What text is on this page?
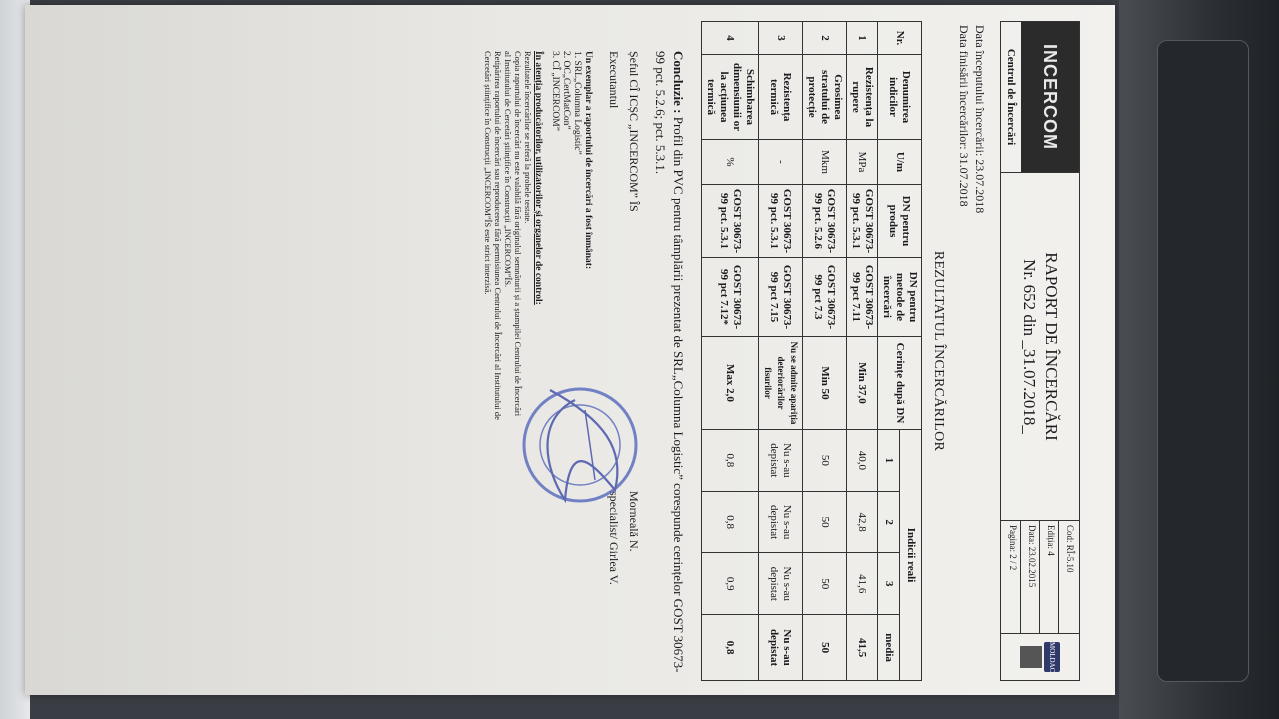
INCERCOM
Centrul de Încercări

RAPORT DE ÎNCERCĂRI
Nr. 652 din _31.07.2018_

Cod: RÎ-5.10
Ediția: 4
Data: 23.02.2015
Pagina: 2 / 2

MOLDAC
Data începutului încercării: 23.07.2018
Data finisării încercărilor: 31.07.2018
REZULTATUL ÎNCERCĂRILOR
Nr.	Denumirea indicilor	U/m	DN pentru produs	DN pentru metode de încercări	Cerințe după DN	Indicii reali			
						1	2	3	media
1	Rezistența la rupere	MPa	GOST 30673-99 pct. 5.3.1	GOST 30673-99 pct 7.11	Min 37,0	40,0	42,8	41,6	41,5
2	Grosimea stratului de protecție	Mkm	GOST 30673-99 pct. 5.2.6	GOST 30673-99 pct 7.3	Min 50	50	50	50	50
3	Rezistența termică	-	GOST 30673-99 pct. 5.3.1	GOST 30673-99 pct 7.15	Nu se admite apariția deteriorărilor fisurilor	Nu s-au depistat	Nu s-au depistat	Nu s-au depistat	Nu s-au depistat
4	Schimbarea dimensiunii or la acțiunea termică	%	GOST 30673-99 pct. 5.3.1	GOST 30673-99 pct 7.12*	Max 2,0	0,8	0,8	0,9	0,8
Concluzie : Profil din PVC pentru tâmplării prezentat de SRL„Columna Logistic” corespunde cerințelor GOST 30673-99 pct. 5.2.6; pct. 5.3.1.
Șeful CÎ ICȘC „INCERCOM” ÎS
Morneală N.
Executantul
specialist/ Girlea V.
Un exemplar a raportului de încercări a fost înmânat:
1. SRL„Columna Logistic”
2. OC„CertMatCon”
3. CÎ „INCERCOM”
În atenția producătorilor, utilizatorilor și organelor de control:
Rezultatele încercărilor se referă la probele testate.
Copia raportului de încercări nu este valabilă fără originalul semnăturii și a ștampilei Centrului de Încercări
al Institutului de Cercetări științifice în Construcții „INCERCOM”ÎS.
Retipărirea raportului de încercări sau reproducerea fără permisiunea Centrului de Încercări al Institutului de
Cercetări științifice în Construcții „INCERCOM”ÎS este strict interzisă.
